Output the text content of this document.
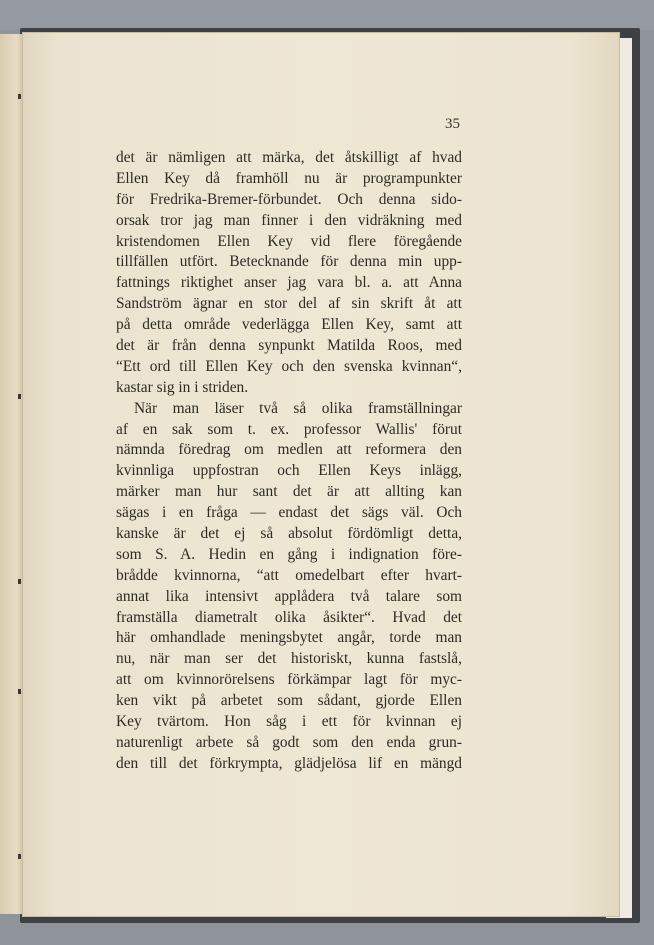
35
det är nämligen att märka, det åtskilligt af hvad
Ellen Key då framhöll nu är programpunkter
för Fredrika-Bremer-förbundet. Och denna sido-
orsak tror jag man finner i den vidräkning med
kristendomen Ellen Key vid flere föregående
tillfällen utfört. Betecknande för denna min upp-
fattnings riktighet anser jag vara bl. a. att Anna
Sandström ägnar en stor del af sin skrift åt att
på detta område vederlägga Ellen Key, samt att
det är från denna synpunkt Matilda Roos, med
“Ett ord till Ellen Key och den svenska kvinnan“,
kastar sig in i striden.
När man läser två så olika framställningar
af en sak som t. ex. professor Wallis' förut
nämnda föredrag om medlen att reformera den
kvinnliga uppfostran och Ellen Keys inlägg,
märker man hur sant det är att allting kan
sägas i en fråga — endast det sägs väl. Och
kanske är det ej så absolut fördömligt detta,
som S. A. Hedin en gång i indignation före-
brådde kvinnorna, “att omedelbart efter hvart-
annat lika intensivt applådera två talare som
framställa diametralt olika åsikter“. Hvad det
här omhandlade meningsbytet angår, torde man
nu, när man ser det historiskt, kunna fastslå,
att om kvinnorörelsens förkämpar lagt för myc-
ken vikt på arbetet som sådant, gjorde Ellen
Key tvärtom. Hon såg i ett för kvinnan ej
naturenligt arbete så godt som den enda grun-
den till det förkrympta, glädjelösa lif en mängd
